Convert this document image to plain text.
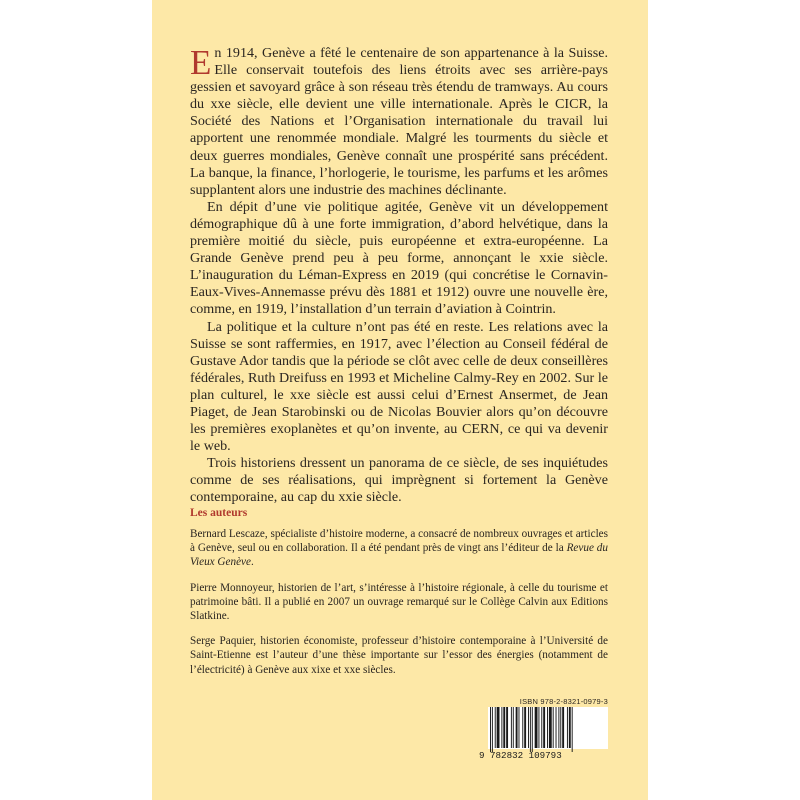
En 1914, Genève a fêté le centenaire de son appartenance à la Suisse. Elle conservait toutefois des liens étroits avec ses arrière-pays gessien et savoyard grâce à son réseau très étendu de tramways. Au cours du xxe siècle, elle devient une ville internationale. Après le CICR, la Société des Nations et l’Organisation internationale du travail lui apportent une renommée mondiale. Malgré les tourments du siècle et deux guerres mondiales, Genève connaît une prospérité sans précédent. La banque, la finance, l’horlogerie, le tourisme, les parfums et les arômes supplantent alors une industrie des machines déclinante.

En dépit d’une vie politique agitée, Genève vit un développement démographique dû à une forte immigration, d’abord helvétique, dans la première moitié du siècle, puis européenne et extra-européenne. La Grande Genève prend peu à peu forme, annonçant le xxie siècle. L’inauguration du Léman-Express en 2019 (qui concrétise le Cornavin-Eaux-Vives-Annemasse prévu dès 1881 et 1912) ouvre une nouvelle ère, comme, en 1919, l’installation d’un terrain d’aviation à Cointrin.

La politique et la culture n’ont pas été en reste. Les relations avec la Suisse se sont raffermies, en 1917, avec l’élection au Conseil fédéral de Gustave Ador tandis que la période se clôt avec celle de deux conseillères fédérales, Ruth Dreifuss en 1993 et Micheline Calmy-Rey en 2002. Sur le plan culturel, le xxe siècle est aussi celui d’Ernest Ansermet, de Jean Piaget, de Jean Starobinski ou de Nicolas Bouvier alors qu’on découvre les premières exoplanètes et qu’on invente, au CERN, ce qui va devenir le web.

Trois historiens dressent un panorama de ce siècle, de ses inquiétudes comme de ses réalisations, qui imprègnent si fortement la Genève contemporaine, au cap du xxie siècle.

Les auteurs

Bernard Lescaze, spécialiste d’histoire moderne, a consacré de nombreux ouvrages et articles à Genève, seul ou en collaboration. Il a été pendant près de vingt ans l’éditeur de la Revue du Vieux Genève.

Pierre Monnoyeur, historien de l’art, s’intéresse à l’histoire régionale, à celle du tourisme et patrimoine bâti. Il a publié en 2007 un ouvrage remarqué sur le Collège Calvin aux Editions Slatkine.

Serge Paquier, historien économiste, professeur d’histoire contemporaine à l’Université de Saint-Etienne est l’auteur d’une thèse importante sur l’essor des énergies (notamment de l’électricité) à Genève aux xixe et xxe siècles.

ISBN 978-2-8321-0979-3
9 782832 109793
